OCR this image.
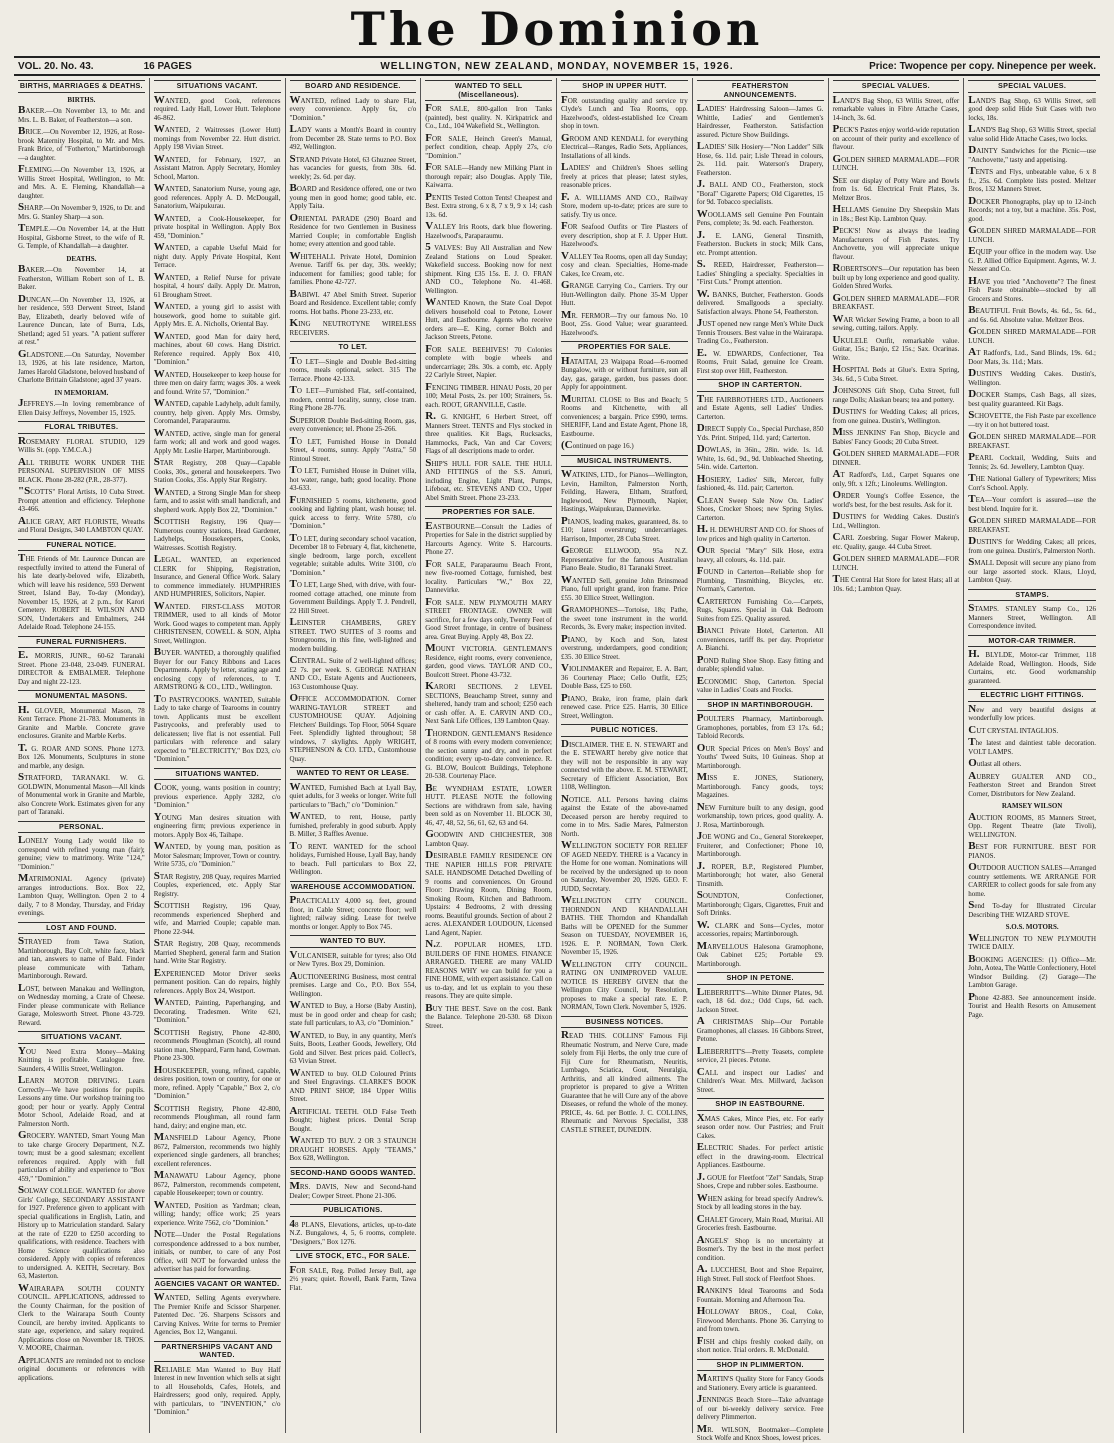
The Dominion
VOL. 20. No. 43.	16 PAGES	WELLINGTON, NEW ZEALAND, MONDAY, NOVEMBER 15, 1926.	Price: Twopence per copy. Ninepence per week.
BIRTHS, MARRIAGES & DEATHS.
BIRTHS.

BAKER.—On November 13, to Mr. and Mrs. L. B. Baker, of Featherston—a son.

BRICE.—On November 12, 1926, at Rose-brook Maternity Hospital, to Mr. and Mrs. Frank Brice, of "Fotherton," Martinborough—a daughter.

FLEMING.—On November 13, 1926, at Willis Street Hospital, Wellington, to Mr. and Mrs. A. E. Fleming, Khandallah—a daughter.

SHARP.—On November 9, 1926, to Dr. and Mrs. G. Stanley Sharp—a son.

TEMPLE.—On November 14, at the Hutt Hospital, Gisborne Street, to the wife of R. G. Temple, of Khandallah—a daughter.

DEATHS.

BAKER.—On November 14, at Featherston, William Robert son of L. B. Baker.

DUNCAN.—On November 13, 1926, at her residence, 593 Derwent Street, Island Bay, Elizabeth, dearly beloved wife of Laurence Duncan, late of Burra, Lds, Shetland; aged 51 years. "A patient sufferer at rest."

GLADSTONE.—On Saturday, November 13, 1926, at his late residence, Marton, James Harold Gladstone, beloved husband of Charlotte Brittain Gladstone; aged 37 years.

IN MEMORIAM.

JEFFREYS.—In loving remembrance of Ellen Daisy Jeffreys, November 15, 1925.

FLORAL TRIBUTES.

ROSEMARY FLORAL STUDIO, 129 Willis St. (opp. Y.M.C.A.)

ALL TRIBUTE WORK UNDER THE PERSONAL SUPERVISION OF MISS BLACK. Phone 28-282 (P.R., 28-377).

"SCOTTS" Floral Artists, 10 Cuba Street. Prompt attention and efficiency. Telephone 43-466.

ALICE GRAY, ART FLORISTE, Wreaths and Floral Designs, 340 LAMBTON QUAY.

FUNERAL NOTICE.

THE Friends of Mr. Laurence Duncan are respectfully invited to attend the Funeral of his late dearly-beloved wife, Elizabeth, which will leave his residence, 593 Derwent Street, Island Bay, To-day (Monday), November 15, 1926, at 2 p.m., for Karori Cemetery. ROBERT H. WILSON AND SON, Undertakers and Embalmers, 244 Adelaide Road. Telephone 24-155.

FUNERAL FURNISHERS.

E. MORRIS, JUNR., 60-62 Taranaki Street. Phone 23-048, 23-049. FUNERAL DIRECTOR & EMBALMER. Telephone Day and night 22-123.

MONUMENTAL MASONS.

H. GLOVER, Monumental Mason, 78 Kent Terrace. Phone 21-783. Monuments in Granite and Marble. Concrete grave enclosures. Granite and Marble Kerbs.

T. G. ROAR AND SONS. Phone 1273. Box 126. Monuments, Sculptures in stone and marble, any design.

STRATFORD, TARANAKI. W. G. GOLDWIN, Monumental Mason—All kinds of Monumental work in Granite and Marble, also Concrete Work. Estimates given for any part of Taranaki.

PERSONAL.

LONELY Young Lady would like to correspond with refined young man (fair); genuine; view to matrimony. Write "124," "Dominion."

MATRIMONIAL Agency (private) arranges introductions. Box. Box 22, Lambton Quay, Wellington. Open 2 to 4 daily, 7 to 8 Monday, Thursday, and Friday evenings.

LOST AND FOUND.

STRAYED from Tawa Station, Martinborough, Bay Colt, white face, black and tan, answers to name of Bald. Finder please communicate with Tatham, Martinborough. Reward.

LOST, between Manakau and Wellington, on Wednesday morning, a Crate of Cheese. Finder please communicate with Reliance Garage, Molesworth Street. Phone 43-729. Reward.

SITUATIONS VACANT.

YOU Need Extra Money—Making Knitting is profitable. Catalogue free. Saunders, 4 Willis Street, Wellington.

LEARN MOTOR DRIVING. Learn Correctly—We have positions for pupils. Lessons any time. Our workshop training too good; per hour or yearly. Apply Central Motor School, Adelaide Road, and at Palmerston North.

GROCERY. WANTED, Smart Young Man to take charge Grocery Department, N.Z. town; must be a good salesman; excellent references required. Apply with full particulars of ability and experience to "Box 459," "Dominion."

SOLWAY COLLEGE. WANTED for above Girls' College, SECONDARY ASSISTANT for 1927. Preference given to applicant with special qualifications in English, Latin, and History up to Matriculation standard. Salary at the rate of £220 to £250 according to qualifications, with residence. Teachers with Home Science qualifications also considered. Apply with copies of references to undersigned. A. KEITH, Secretary. Box 63, Masterton.

WAIRARAPA SOUTH COUNTY COUNCIL. APPLICATIONS, addressed to the County Chairman, for the position of Clerk to the Wairarapa South County Council, are hereby invited. Applicants to state age, experience, and salary required. Applications close on November 18. THOS. V. MOORE, Chairman.

APPLICANTS are reminded not to enclose original documents or references with applications.

SITUATIONS VACANT.

WANTED, good Cook, references required. Lady Hall, Lower Hutt. Telephone 46-862.

WANTED, 2 Waitresses (Lower Hutt) mornings from November 22. Hutt district. Apply 198 Vivian Street.

WANTED, for February, 1927, an Assistant Matron. Apply Secretary, Homley School, Marton.

WANTED, Sanatorium Nurse, young age, good references. Apply A. D. McDougall, Sanatorium, Waipukurau.

WANTED, a Cook-Housekeeper, for private hospital in Wellington. Apply Box 459, "Dominion."

WANTED, a capable Useful Maid for night duty. Apply Private Hospital, Kent Terrace.

WANTED, a Relief Nurse for private hospital, 4 hours' daily. Apply Dr. Matron, 61 Brougham Street.

WANTED, a young girl to assist with housework, good home to suitable girl. Apply Mrs. E. A. Nicholls, Oriental Bay.

WANTED, good Man for dairy herd, machines, about 60 cows. Hang District. Reference required. Apply Box 410, "Dominion."

WANTED, Housekeeper to keep house for three men on dairy farm; wages 30s. a week and found. Write 57, "Dominion."

WANTED, capable Ladyhelp, adult family, country, help given. Apply Mrs. Ormsby, Coromandel, Paraparaumu.

WANTED, active, single man for general farm work; all and work and good wages. Apply Mr. Leslie Harper, Martinborough.

STAR Registry, 208 Quay—Capable Cooks, 30s., general and housekeepers. Two Station Cooks, 35s. Apply Star Registry.

WANTED, a Strong Single Man for sheep farm, and to assist with small handicraft, and shepherd work. Apply Box 22, "Dominion."

SCOTTISH Registry, 196 Quay—Numerous country stations, Head Gardener, Ladyhelps, Housekeepers, Cooks, Waitresses. Scottish Registry.

LEGAL. WANTED, an experienced CLERK for Shipping, Registration, Insurance, and General Office Work. Salary to commence immediately. HUMPHRIES AND HUMPHRIES, Solicitors, Napier.

WANTED. FIRST-CLASS MOTOR TRIMMER, used to all kinds of Motor Work. Good wages to competent man. Apply CHRISTENSEN, COWELL & SON, Alpha Street, Wellington.

BUYER. WANTED, a thoroughly qualified Buyer for our Fancy Ribbons and Laces Departments. Apply by letter, stating age and enclosing copy of references, to T. ARMSTRONG & CO., LTD., Wellington.

TO PASTRYCOOKS. WANTED, Suitable Lady to take charge of Tearooms in country town. Applicants must be excellent Pastrycooks, and preferably used to delicatessen; live flat is not essential. Full particulars with reference and salary expected to "ELECTRICITY," Box D23, c/o "Dominion."

SITUATIONS WANTED.

COOK, young, wants position in country; previous experience. Apply 3282, c/o "Dominion."

YOUNG Man desires situation with engineering firm; previous experience in motors. Apply Box 46, Taihape.

WANTED, by young man, position as Motor Salesman; Improver, Town or country. Write 5735, c/o "Dominion."

STAR Registry, 208 Quay, requires Married Couples, experienced, etc. Apply Star Registry.

SCOTTISH Registry, 196 Quay, recommends experienced Shepherd and wife, and Married Couple; capable man. Phone 22-944.

STAR Registry, 208 Quay, recommends Married Shepherd, general farm and Station hand. Write Star Registry.

EXPERIENCED Motor Driver seeks permanent position. Can do repairs, highly references. Apply Box 24, Westport.

WANTED, Painting, Paperhanging, and Decorating. Tradesmen. Write 621, "Dominion."

SCOTTISH Registry, Phone 42-800, recommends Ploughman (Scotch), all round station man, Sheppard, Farm hand, Cowman. Phone 23-300.

HOUSEKEEPER, young, refined, capable, desires position, town or country, for one or more, refined. Apply "Capable," Box 2, c/o "Dominion."

SCOTTISH Registry, Phone 42-800, recommends Ploughman, all round farm hand, dairy; and engine man, etc.

MANSFIELD Labour Agency, Phone 8672, Palmerston, recommends two highly experienced single gardeners, all branches; excellent references.

MANAWATU Labour Agency, phone 8672, Palmerston, recommends competent, capable Housekeeper; town or country.

WANTED, Position as Yardman; clean, willing; handy; office work; 25 years experience. Write 7562, c/o "Dominion."

NOTE—Under the Postal Regulations correspondence addressed to a box number, initials, or number, to care of any Post Office, will NOT be forwarded unless the advertiser has paid for forwarding.

AGENCIES VACANT OR WANTED.

WANTED, Selling Agents everywhere. The Premier Knife and Scissor Sharpener. Patented Dec. '26. Sharpens Scissors and Carving Knives. Write for terms to Premier Agencies, Box 12, Wanganui.

PARTNERSHIPS VACANT AND WANTED.

RELIABLE Man Wanted to Buy Half Interest in new Invention which sells at sight to all Households, Cafes, Hotels, and Hairdressers; good only, required. Apply, with particulars, to "INVENTION," c/o "Dominion."

BOARD AND RESIDENCE.

WANTED, refined Lady to share Flat, every convenience. Apply 6x, c/o "Dominion."

LADY wants a Month's Board in country from December 28. State terms to P.O. Box 492, Wellington.

STRAND Private Hotel, 63 Ghuznee Street, has vacancies for guests, from 30s. 6d. weekly; 2s. 6d. per day.

BOARD and Residence offered, one or two young men in good home; good table, etc. Apply Taita.

ORIENTAL PARADE (290) Board and Residence for two Gentlemen in Business Married Couple; in comfortable English home; every attention and good table.

WHITEHALL Private Hotel, Dominion Avenue. Tariff 6s. per day, 30s. weekly; inducement for families; good table; for families. Phone 42-727.

BABIWI. 47 Abel Smith Street. Superior Board and Residence. Excellent table; comfy rooms. Hot baths. Phone 23-233, etc.

KING NEUTROTYNE WIRELESS RECEIVERS.

TO LET.

TO LET—Single and Double Bed-sitting rooms, meals optional, select. 315 The Terrace. Phone 42-133.

TO LET—Furnished Flat, self-contained, modern, central locality, sunny, close tram. Ring Phone 28-776.

SUPERIOR Double Bed-sitting Room, gas, every convenience; tel. Phone 25-266.

TO LET, Furnished House in Donald Street, 4 rooms, sunny. Apply "Astra," 50 Rintoul Street.

TO LET, Furnished House in Duinet villa, hot water, range, bath; good locality. Phone 43-633.

FURNISHED 5 rooms, kitchenette, good cooking and lighting plant, wash house; tel. quick access to ferry. Write 5780, c/o "Dominion."

TO LET, during secondary school vacation, December 18 to February 4, flat, kitchenette, single bedroom, large porch, excellent vegetable; suitable adults. Write 3100, c/o "Dominion."

TO LET, Large Shed, with drive, with four-roomed cottage attached, one minute from Government Buildings. Apply T. J. Pendrell, 22 Hill Street.

LEINSTER CHAMBERS, GREY STREET. TWO SUITES of 3 rooms and Strongrooms, in this fine, well-lighted and modern building.

CENTRAL. Suite of 2 well-lighted offices; £2 7s. per week. S. GEORGE NATHAN AND CO., Estate Agents and Auctioneers, 163 Customhouse Quay.

OFFICE ACCOMMODATION. Corner WARING-TAYLOR STREET and CUSTOMHOUSE QUAY. Adjoining Fletchers' Buildings. Top Floor, 5064 Square Feet. Splendidly lighted throughout; 58 windows, 7 skylights. Apply WRIGHT, STEPHENSON & CO. LTD., Customhouse Quay.

WANTED TO RENT OR LEASE.

WANTED, Furnished Bach at Lyall Bay, quiet adults, for 3 weeks or longer. Write full particulars to "Bach," c/o "Dominion."

WANTED, to rent, House, partly furnished, preferably in good suburb. Apply B. Miller, 3 Raffles Avenue.

TO RENT. WANTED for the school holidays, Furnished House, Lyall Bay, handy to beach. Full particulars to Box 22, Wellington.

WAREHOUSE ACCOMMODATION.

PRACTICALLY 4,000 sq. feet, ground floor, in Cable Street; concrete floor; well lighted; railway siding. Lease for twelve months or longer. Apply to Box 745.

WANTED TO BUY.

VULCANISER, suitable for tyres; also Old or New Tyres. Box 29, Dominion.

AUCTIONEERING Business, most central premises. Large and Co., P.O. Box 554, Wellington.

WANTED to Buy, a Horse (Baby Austin), must be in good order and cheap for cash; state full particulars, to A3, c/o "Dominion."

WANTED, to Buy, in any quantity, Men's Suits, Boots, Leather Goods, Jewellery, Old Gold and Silver. Best prices paid. Collect's, 63 Vivian Street.

WANTED to buy. OLD Coloured Prints and Steel Engravings. CLARKE'S BOOK AND PRINT SHOP, 184 Upper Willis Street.

ARTIFICIAL TEETH. OLD False Teeth Bought; highest prices. Dental Scrap Bought.

WANTED TO BUY. 2 OR 3 STAUNCH DRAUGHT HORSES. Apply "TEAMS," Box 628, Wellington.

SECOND-HAND GOODS WANTED.

MRS. DAVIS, New and Second-hand Dealer; Cowper Street. Phone 21-306.

PUBLICATIONS.

48 PLANS, Elevations, articles, up-to-date N.Z. Bungalows, 4, 5, 6 rooms, complete. "Designers," Box 1276.

LIVE STOCK, ETC., FOR SALE.

FOR SALE, Reg. Polled Jersey Bull, age 2½ years; quiet. Rowell, Bank Farm, Tawa Flat.

WANTED TO SELL (Miscellaneous).

FOR SALE, 800-gallon Iron Tanks (painted), best quality. N. Kirkpatrick and Co., Ltd., 104 Wakefield St., Wellington.

FOR SALE, Heinch Green's Manual, perfect condition, cheap. Apply 27s, c/o "Dominion."

FOR SALE—Handy new Milking Plant in thorough repair; also Douglas. Apply Tile, Kaiwarra.

PENTIS Tested Cotton Tents! Cheapest and Best. Extra strong, 6 x 8, 7 x 9, 9 x 14; cash 13s. 6d.

VALLEY Iris Roots, dark blue flowering. Hazelwood's, Paraparaumu.

5 VALVES: Buy All Australian and New Zealand Stations on Loud Speaker. Wakefield success. Booking now for next shipment. King £35 15s. E. J. O. FRAN AND CO., Telephone No. 41-468. Wellington.

WANTED Known, the State Coal Depot delivers household coal to Petone, Lower Hutt, and Eastbourne. Agents who receive orders are—E. King, corner Bolch and Jackson Streets, Petone.

FOR SALE. BEEHIVES! 70 Colonies complete with bogie wheels and undercarriage; 28s. 30s. a comb, etc. Apply 22 Carlyle Street, Napier.

FENCING TIMBER. HINAU Posts, 20 per 100; Metal Posts, 2s. per 100; Strainers, 5s. each. ROOT, GRANVILLE, Castle.

R. G. KNIGHT, 6 Herbert Street, off Manners Street. TENTS and Flys stocked in three qualities. Kit Bags, Rucksacks, Hammocks, Pack, Van and Car Covers; Flags of all descriptions made to order.

SHIP'S HULL FOR SALE. THE HULL AND FITTINGS of the S.S. Amuri, including Engine, Light Plant, Pumps, Lifeboat, etc. STEVENS AND CO., Upper Abel Smith Street. Phone 23-233.

PROPERTIES FOR SALE.

EASTBOURNE—Consult the Ladies of Properties for Sale in the district supplied by Harcourts Agency. Write S. Harcourts. Phone 27.

FOR SALE, Paraparaumu Beach Front, new five-roomed Cottage, furnished, best locality. Particulars "W.," Box 22, Dannevirke.

FOR SALE. NEW PLYMOUTH MARY STREET FRONTAGE. OWNER will sacrifice, for a few days only, Twenty Feet of Good Street frontage, in centre of business area. Great Buying. Apply 48, Box 22.

MOUNT VICTORIA. GENTLEMAN'S Residence, eight rooms, every convenience, garden, good views. TAYLOR AND CO., Boulcott Street. Phone 43-732.

KARORI SECTIONS. 2 LEVEL SECTIONS, Beauchamp Street, sunny and sheltered, handy tram and school; £250 each or cash offer. A. E. CARVIN AND CO., Next Sank Life Offices, 139 Lambton Quay.

THORNDON. GENTLEMAN'S Residence of 8 rooms with every modern convenience; the section sunny and dry, and in perfect condition; every up-to-date convenience. R. G. BLOW, Boulcott Buildings, Telephone 20-538. Courtenay Place.

BE WYNDHAM ESTATE, LOWER HUTT. PLEASE NOTE the following Sections are withdrawn from sale, having been sold as on November 11. BLOCK 30, 46, 47, 48, 52, 56, 61, 62, 63 and 64.

GOODWIN AND CHICHESTER, 308 Lambton Quay.

DESIRABLE FAMILY RESIDENCE ON THE NAPIER HILLS FOR PRIVATE SALE. HANDSOME Detached Dwelling of 9 rooms and conveniences. On Ground Floor: Drawing Room, Dining Room, Smoking Room, Kitchen and Bathroom. Upstairs: 4 Bedrooms, 2 with dressing rooms. Beautiful grounds. Section of about 2 acres. ALEXANDER LOUDOUN, Licensed Land Agent, Napier.

N.Z. POPULAR HOMES, LTD. BUILDERS OF FINE HOMES. FINANCE ARRANGED. THERE are many VALID REASONS WHY we can build for you a FINE HOME, with expert assistance. Call on us to-day, and let us explain to you these reasons. They are quite simple.

BUY THE BEST. Save on the cost. Bank the Balance. Telephone 20-530. 68 Dixon Street.

SHOP IN UPPER HUTT.

FOR outstanding quality and service try Clyde's Lunch and Tea Rooms, opp. Hazelwood's, oldest-established Ice Cream shop in town.

GROOM AND KENDALL for everything Electrical—Ranges, Radio Sets, Appliances, Installations of all kinds.

LADIES' and Children's Shoes selling freely at prices that please; latest styles, reasonable prices.

F. A. WILLIAMS AND CO., Railway Store, modern up-to-date; prices are sure to satisfy. Try us once.

FOR Seafood Outfits or Tire Plasters of every description, shop at F. J. Upper Hutt. Hazelwood's.

VALLEY Tea Rooms, open all day Sunday; cosy and clean. Specialties, Home-made Cakes, Ice Cream, etc.

GRANGE Carrying Co., Carriers. Try our Hutt-Wellington daily. Phone 35-M Upper Hutt.

MR. FERMOR—Try our famous No. 10 Boot, 25s. Good Value; wear guaranteed. Hazelwood's.

PROPERTIES FOR SALE.

HATAITAI, 23 Waipapa Road—6-roomed Bungalow, with or without furniture, sun all day, gas, garage, garden, bus passes door. Apply for appointment.

MURITAI. CLOSE to Bus and Beach; 5 Rooms and Kitchenette, with all conveniences; a bargain. Price £990, terms. SHERIFF, Land and Estate Agent, Phone 18, Eastbourne.

(Continued on page 16.)

MUSICAL INSTRUMENTS.

WATKINS, LTD., for Pianos—Wellington, Levin, Hamilton, Palmerston North, Feilding, Hawera, Eltham, Stratford, Inglewood, New Plymouth, Napier, Hastings, Waipukurau, Dannevirke.

PIANOS, leading makes, guaranteed, 8s. to £10; latest overstrung; undercarriages. Harrison, Importer, 28 Cuba Street.

GEORGE ELLWOOD, 95a N.Z. Representative for the famous Australian Piano Beale. Studio, 81 Taranaki Street.

WANTED Sell, genuine John Brinsmead Piano, full upright grand, iron frame. Price £55. 30 Ellice Street, Wellington.

GRAMOPHONES—Tortoise, 18s; Pathe, the sweet tone instrument in the world. Records, 3s. Every make; inspection invited.

PIANO, by Koch and Son, latest overstrung, underdampers, good condition; £35. 30 Ellice Street.

VIOLINMAKER and Repairer, E. A. Barr, 36 Courtenay Place; Cello Outfit, £25; Double Bass, £25 to £60.

PIANO, Brake, iron frame, plain dark renewed case. Price £25. Harris, 30 Ellice Street, Wellington.

PUBLIC NOTICES.

DISCLAIMER. THE E. N. STEWART and the E. STEWART hereby give notice that they will not be responsible in any way connected with the above. E. M. STEWART, Secretary of Efficient Association, Box 1108, Wellington.

NOTICE. ALL Persons having claims against the Estate of the above-named Deceased person are hereby required to come in to Mrs. Sadie Mares, Palmerston North.

WELLINGTON SOCIETY FOR RELIEF OF AGED NEEDY. THERE is a Vacancy in the Home for one woman. Nominations will be received by the undersigned up to noon on Saturday, November 20, 1926. GEO. F. JUDD, Secretary.

WELLINGTON CITY COUNCIL. THORNDON AND KHANDALLAH BATHS. THE Thorndon and Khandallah Baths will be OPENED for the Summer Season on TUESDAY, NOVEMBER 16, 1926. E. P. NORMAN, Town Clerk. November 15, 1926.

WELLINGTON CITY COUNCIL. RATING ON UNIMPROVED VALUE. NOTICE IS HEREBY GIVEN that the Wellington City Council, by Resolution, proposes to make a special rate. E. P. NORMAN, Town Clerk. November 5, 1926.

BUSINESS NOTICES.

READ THIS. COLLINS' Famous Fiji Rheumatic Nostrum, and Nerve Cure, made solely from Fiji Herbs, the only true cure of Fiji Cure for Rheumatism, Neuritis, Lumbago, Sciatica, Gout, Neuralgia, Arthritis, and all kindred ailments. The proprietor is prepared to give a Written Guarantee that he will Cure any of the above Diseases, or refund the whole of the money. PRICE, 4s. 6d. per Bottle. J. C. COLLINS, Rheumatic and Nervous Specialist, 338 CASTLE STREET, DUNEDIN.

FEATHERSTON ANNOUNCEMENTS.

LADIES' Hairdressing Saloon—James G. Whittle, Ladies' and Gentlemen's Hairdresser, Featherston. Satisfaction assured. Picture Show Buildings.

LADIES' Silk Hosiery—"Non Ladder" Silk Hose, 6s. 11d. pair; Lisle Thread in colours, 2s. 11d. pair. Waterson's Drapery, Featherston.

J. BALL AND CO., Featherston, stock "Boral" Cigarette Papers; Old Cigarettes, 15 for 9d. Tobacco specialists.

WOOLLAMS sell Genuine Pen Fountain Pens, complete; 3s. 9d. each. Featherston.

J. E. LANG, General Tinsmith, Featherston. Buckets in stock; Milk Cans, etc. Prompt attention.

S. REED, Hairdresser, Featherston—Ladies' Shingling a specialty. Specialties in "First Cuts." Prompt attention.

W. BANKS, Butcher, Featherston. Goods delivered. Smallgoods a specialty. Satisfaction always. Phone 54, Featherston.

JUST opened new range Men's White Duck Tennis Trousers. Best value in the Wairarapa. Trading Co., Featherston.

E. W. EDWARDS, Confectioner, Tea Rooms, Fruit Salad, genuine Ice Cream. First stop over Hill, Featherston.

SHOP IN CARTERTON.

THE FAIRBROTHERS LTD., Auctioneers and Estate Agents, sell Ladies' Undies. Carterton.

DIRECT Supply Co., Special Purchase, 850 Yds. Print. Striped, 11d. yard; Carterton.

DOWLAS, in 36in., 28in. wide. 1s. 1d. White, 1s. 6d., 9d., 9d. Unbleached Sheeting, 54in. wide. Carterton.

HOSIERY, Ladies' Silk, Mercer, fully fashioned, 4s. 11d. pair; Carterton.

CLEAN Sweep Sale Now On. Ladies' Shoes, Crocker Shoes; new Spring Styles. Carterton.

H. H. DEWHURST AND CO. for Shoes of low prices and high quality in Carterton.

OUR Special "Mary" Silk Hose, extra heavy, all colours, 4s. 11d. pair.

FOUND in Carterton—Reliable shop for Plumbing, Tinsmithing, Bicycles, etc. Norman's, Carterton.

CARTERTON Furnishing Co.—Carpets, Rugs, Squares. Special in Oak Bedroom Suites from £25. Quality assured.

BIANCI Private Hotel, Carterton. All conveniences, tariff 8s. per day. Proprietor A. Bianchi.

POND Ruling Shoe Shop. Easy fitting and durable; splendid value.

ECONOMIC Shop, Carterton. Special value in Ladies' Coats and Frocks.

SHOP IN MARTINBOROUGH.

POULTERS Pharmacy, Martinborough. Gramophones, portables, from £3 17s. 6d.; Tabloid Records.

OUR Special Prices on Men's Boys' and Youths' Tweed Suits, 10 Guineas. Shop at Martinborough.

MISS E. JONES, Stationery, Martinborough. Fancy goods, toys; Magazines.

NEW Furniture built to any design, good workmanship, town prices, good quality. A. J. Rosa, Martinborough.

JOE WONG and Co., General Storekeeper, Fruiterer, and Confectioner; Phone 10, Martinborough.

J. ROPER, B.P., Registered Plumber, Martinborough; hot water, also General Tinsmith.

SOUNDTON, Confectioner, Martinborough; Cigars, Cigarettes, Fruit and Soft Drinks.

W. CLARK and Sons—Cycles, motor accessories, repairs; Martinborough.

MARVELLOUS Halesona Gramophone, Oak Cabinet £25; Portable £9. Martinborough.

SHOP IN PETONE.

LIEBERRITT'S—White Dinner Plates, 9d. each, 18 6d. doz.; Odd Cups, 6d. each. Jackson Street.

A CHRISTMAS Ship—Our Portable Gramophones, all classes. 16 Gibbons Street, Petone.

LIEBERRITT'S—Pretty Teasets, complete service, 21 pieces. Petone.

CALL and inspect our Ladies' and Children's Wear. Mrs. Millward, Jackson Street.

SHOP IN EASTBOURNE.

XMAS Cakes, Mince Pies, etc. For early season order now. Our Pastries; and Fruit Cakes.

ELECTRIC Shades. For perfect artistic effect in the drawing-room. Electrical Appliances. Eastbourne.

J. GOUE for Fleetfoot "Zel" Sandals, Strap Shoes, Crepe and rubber soles. Eastbourne.

WHEN asking for bread specify Andrew's. Stock by all leading stores in the bay.

CHALET Grocery, Main Road, Muritai. All Groceries fresh. Eastbourne.

ANGELS' Shop is no uncertainty at Bosmer's. Try the best in the most perfect condition.

A. LUCCHESI, Boot and Shoe Repairer, High Street. Full stock of Fleetfoot Shoes.

RANKIN'S Ideal Tearooms and Soda Fountain. Morning and Afternoon Tea.

HOLLOWAY BROS., Coal, Coke, Firewood Merchants. Phone 36. Carrying to and from town.

FISH and chips freshly cooked daily, on short notice. Trial orders. R. McDonald.

SHOP IN PLIMMERTON.

MARTIN'S Quality Store for Fancy Goods and Stationery. Every article is guaranteed.

JENNINGS Beach Store—Take advantage of our bi-weekly delivery service. Free delivery Plimmerton.

MR. WILSON, Bootmaker—Complete Stock Wolfe and Knox Shoes, lowest prices.

SPECIAL VALUES.

LAND'S Bag Shop, 63 Willis Street, offer remarkable values in Fibre Attache Cases, 14-inch, 3s. 6d.

PECK'S Pastes enjoy world-wide reputation on account of their purity and excellence of flavour.

GOLDEN SHRED MARMALADE—FOR LUNCH.

SEE our display of Potty Ware and Bowls from 1s. 6d. Electrical Fruit Plates, 3s. Meltzer Bros.

HELLAMS Genuine Dry Sheepskin Mats in 18s.; Best Kip. Lambton Quay.

PECK'S! Now as always the leading Manufacturers of Fish Pastes. Try Anchovette, you will appreciate unique flavour.

ROBERTSON'S—Our reputation has been built up by long experience and good quality. Golden Shred Works.

GOLDEN SHRED MARMALADE—FOR BREAKFAST.

WAR Wicker Sewing Frame, a boon to all sewing, cutting, tailors. Apply.

UKULELE Outfit, remarkable value. Guitar, 15s.; Banjo, £2 15s.; Sax. Ocarinas. Write.

HOSPITAL Beds at Glue's. Extra Spring, 34s. 6d., 5 Cuba Street.

JOHNSONS Gift Shop, Cuba Street, full range Dolls; Alaskan bears; tea and pottery.

DUSTIN'S for Wedding Cakes; all prices, from one guinea. Dustin's, Wellington.

MISS JENKINS' Fan Shop, Bicycle and Babies' Fancy Goods; 20 Cuba Street.

GOLDEN SHRED MARMALADE—FOR DINNER.

AT Radford's, Ltd., Carpet Squares one only, 9ft. x 12ft.; Linoleums. Wellington.

ORDER Young's Coffee Essence, the world's best, for the best results. Ask for it.

DUSTIN'S for Wedding Cakes. Dustin's Ltd., Wellington.

CARL Zoesbring, Sugar Flower Makeup, etc. Quality, gauge. 44 Cuba Street.

GOLDEN SHRED MARMALADE—FOR LUNCH.

THE Central Hat Store for latest Hats; all at 10s. 6d.; Lambton Quay.

SPECIAL VALUES.

LAND'S Bag Shop, 63 Willis Street, sell good deep solid Hide Suit Cases with two locks, 18s.

LAND'S Bag Shop, 63 Willis Street, special value solid Hide Attache Cases, two locks.

DAINTY Sandwiches for the Picnic—use "Anchovette," tasty and appetising.

TENTS and Flys, unbeatable value, 6 x 8 ft., 25s. 6d. Complete lists posted. Meltzer Bros, 132 Manners Street.

DOCKER Phonographs, play up to 12-inch Records; not a toy, but a machine. 35s. Post, good.

GOLDEN SHRED MARMALADE—FOR LUNCH.

EQUIP your office in the modern way. Use G. P. Allied Office Equipment. Agents, W. J. Nesser and Co.

HAVE you tried "Anchovette"? The finest Fish Paste obtainable—stocked by all Grocers and Stores.

BEAUTIFUL Fruit Bowls, 4s. 6d., 5s. 6d., and 6s. 6d. Absolute value. Meltzer Bros.

GOLDEN SHRED MARMALADE—FOR LUNCH.

AT Radford's, Ltd., Sand Blinds, 19s. 6d.; Door Mats, 3s. 11d.; Mats.

DUSTIN'S Wedding Cakes. Dustin's, Wellington.

DOCKER Stamps, Cash Bags, all sizes, best quality guaranteed. Kit Bags.

SCHOVETTE, the Fish Paste par excellence—try it on hot buttered toast.

GOLDEN SHRED MARMALADE—FOR BREAKFAST.

PEARL Cocktail, Wedding, Suits and Tennis; 2s. 6d. Jewellery, Lambton Quay.

THE National Gallery of Typewriters; Miss Corr's School. Apply.

TEA—Your comfort is assured—use the best blend. Inquire for it.

GOLDEN SHRED MARMALADE—FOR BREAKFAST.

DUSTIN'S for Wedding Cakes; all prices, from one guinea. Dustin's, Palmerston North.

SMALL Deposit will secure any piano from our large assorted stock. Klaus, Lloyd, Lambton Quay.

STAMPS.

STAMPS. STANLEY Stamp Co., 126 Manners Street, Wellington. All Correspondence invited.

MOTOR-CAR TRIMMER.

H. BLYLDE, Motor-car Trimmer, 118 Adelaide Road, Wellington. Hoods, Side Curtains, etc. Good workmanship guaranteed.

ELECTRIC LIGHT FITTINGS.

New and very beautiful designs at wonderfully low prices.

CUT CRYSTAL INTAGLIOS.

The latest and daintiest table decoration. VOLT LAMPS.

Outlast all others.

AUBREY GUALTER AND CO., Featherston Street and Brandon Street Corner, Distributors for New Zealand.

RAMSEY WILSON

AUCTION ROOMS, 85 Manners Street, Opp. Regent Theatre (late Tivoli), WELLINGTON.

BEST FOR FURNITURE. BEST FOR PIANOS.

OUTDOOR AUCTION SALES—Arranged country settlements. WE ARRANGE FOR CARRIER to collect goods for sale from any home.

Send To-day for Illustrated Circular Describing THE WIZARD STOVE.

S.O.S. MOTORS.

WELLINGTON TO NEW PLYMOUTH TWICE DAILY.

BOOKING AGENCIES: (1) Office—Mr. John, Aotea, The Wattle Confectionery, Hotel Windsor Building. (2) Garage—The Lambton Garage.

Phone 42-883. See announcement inside. Tourist and Health Resorts on Amusement Page.
